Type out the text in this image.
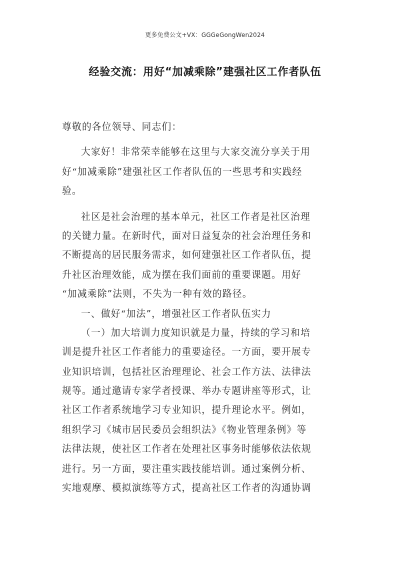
更多免费公文+VX：GGGeGongWen2024
经验交流：用好“加减乘除”建强社区工作者队伍
尊敬的各位领导、同志们：
大家好！非常荣幸能够在这里与大家交流分享关于用
好“加减乘除”建强社区工作者队伍的一些思考和实践经
验。
社区是社会治理的基本单元，社区工作者是社区治理
的关键力量。在新时代，面对日益复杂的社会治理任务和
不断提高的居民服务需求，如何建强社区工作者队伍，提
升社区治理效能，成为摆在我们面前的重要课题。用好
“加减乘除”法则，不失为一种有效的路径。
一、做好“加法”，增强社区工作者队伍实力
（一）加大培训力度知识就是力量，持续的学习和培
训是提升社区工作者能力的重要途径。一方面，要开展专
业知识培训，包括社区治理理论、社会工作方法、法律法
规等。通过邀请专家学者授课、举办专题讲座等形式，让
社区工作者系统地学习专业知识，提升理论水平。例如，
组织学习《城市居民委员会组织法》《物业管理条例》等
法律法规，使社区工作者在处理社区事务时能够依法依规
进行。另一方面，要注重实践技能培训。通过案例分析、
实地观摩、模拟演练等方式，提高社区工作者的沟通协调
